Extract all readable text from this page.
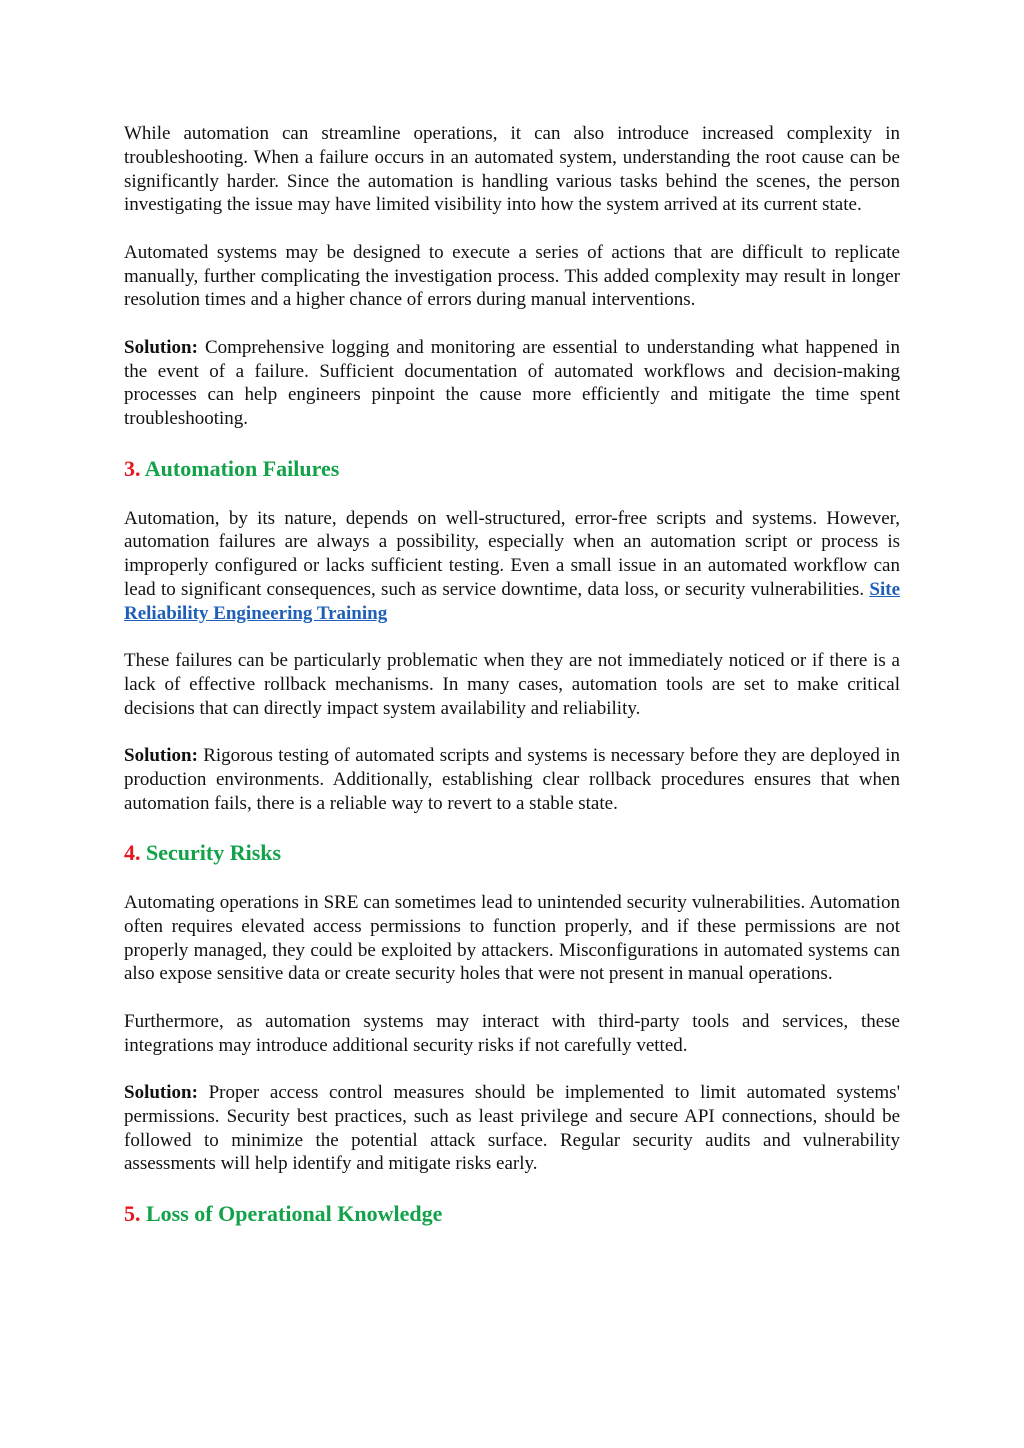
While automation can streamline operations, it can also introduce increased complexity in troubleshooting. When a failure occurs in an automated system, understanding the root cause can be significantly harder. Since the automation is handling various tasks behind the scenes, the person investigating the issue may have limited visibility into how the system arrived at its current state.

Automated systems may be designed to execute a series of actions that are difficult to replicate manually, further complicating the investigation process. This added complexity may result in longer resolution times and a higher chance of errors during manual interventions.

Solution: Comprehensive logging and monitoring are essential to understanding what happened in the event of a failure. Sufficient documentation of automated workflows and decision-making processes can help engineers pinpoint the cause more efficiently and mitigate the time spent troubleshooting.

3. Automation Failures

Automation, by its nature, depends on well-structured, error-free scripts and systems. However, automation failures are always a possibility, especially when an automation script or process is improperly configured or lacks sufficient testing. Even a small issue in an automated workflow can lead to significant consequences, such as service downtime, data loss, or security vulnerabilities. Site Reliability Engineering Training

These failures can be particularly problematic when they are not immediately noticed or if there is a lack of effective rollback mechanisms. In many cases, automation tools are set to make critical decisions that can directly impact system availability and reliability.

Solution: Rigorous testing of automated scripts and systems is necessary before they are deployed in production environments. Additionally, establishing clear rollback procedures ensures that when automation fails, there is a reliable way to revert to a stable state.

4. Security Risks

Automating operations in SRE can sometimes lead to unintended security vulnerabilities. Automation often requires elevated access permissions to function properly, and if these permissions are not properly managed, they could be exploited by attackers. Misconfigurations in automated systems can also expose sensitive data or create security holes that were not present in manual operations.

Furthermore, as automation systems may interact with third-party tools and services, these integrations may introduce additional security risks if not carefully vetted.

Solution: Proper access control measures should be implemented to limit automated systems' permissions. Security best practices, such as least privilege and secure API connections, should be followed to minimize the potential attack surface. Regular security audits and vulnerability assessments will help identify and mitigate risks early.

5. Loss of Operational Knowledge
